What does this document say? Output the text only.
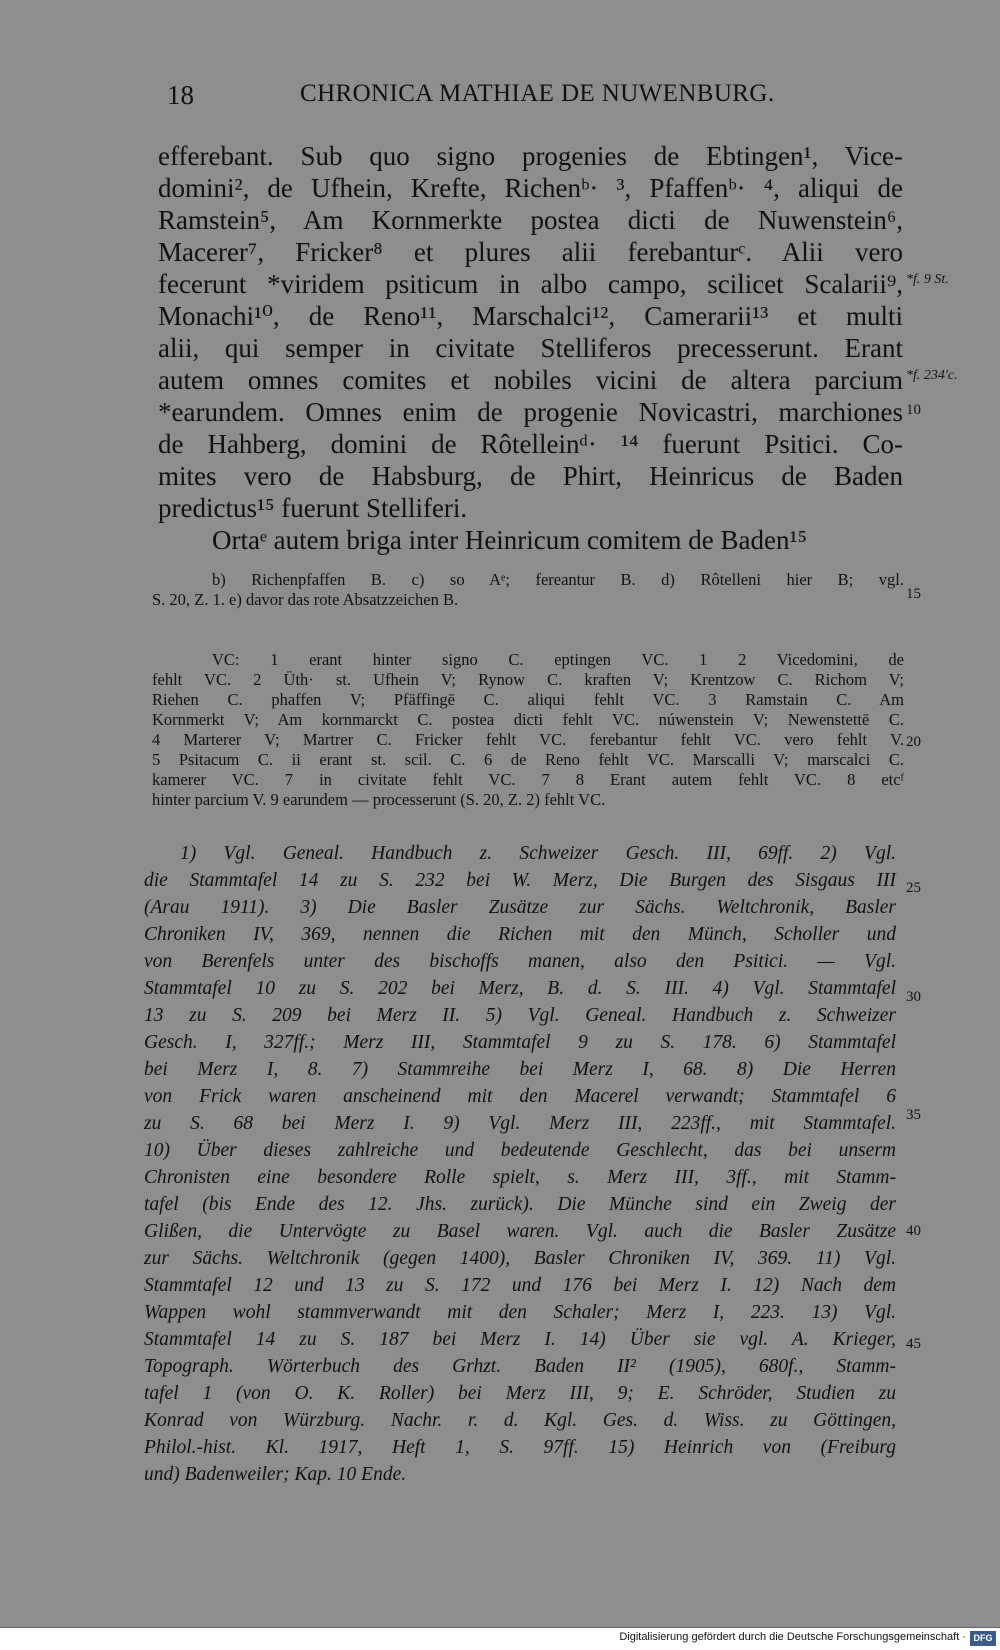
18	CHRONICA MATHIAE DE NUWENBURG.
efferebant. Sub quo signo progenies de Ebtingen¹, Vice-
domini², de Ufhein, Krefte, Richenᵇ· ³, Pfaffenᵇ· ⁴, aliqui de
Ramstein⁵, Am Kornmerkte postea dicti de Nuwenstein⁶,
Macerer⁷, Fricker⁸ et plures alii ferebanturᶜ. Alii vero
fecerunt *viridem psiticum in albo campo, scilicet Scalarii⁹,
Monachi¹⁰, de Reno¹¹, Marschalci¹², Camerarii¹³ et multi
alii, qui semper in civitate Stelliferos precesserunt. Erant
autem omnes comites et nobiles vicini de altera parcium
*earundem. Omnes enim de progenie Novicastri, marchiones
de Hahberg, domini de Rôtelleinᵈ· ¹⁴ fuerunt Psitici. Co-
mites vero de Habsburg, de Phirt, Heinricus de Baden
predictus¹⁵ fuerunt Stelliferi.
Ortaᵉ autem briga inter Heinricum comitem de Baden¹⁵
*f. 9 St.
*f. 234'c.
10
15
20
25
30
35
40
45
b) Richenpfaffen B. c) so Aᵉ; fereantur B. d) Rôtelleni hier B; vgl.
S. 20, Z. 1. e) davor das rote Absatzzeichen B.
VC: 1 erant hinter signo C. eptingen VC. 1 2 Vicedomini, de
fehlt VC. 2 Üth· st. Ufhein V; Rynow C. kraften V; Krentzow C. Richom V;
Riehen C. phaffen V; Pfäffingē C. aliqui fehlt VC. 3 Ramstain C. Am
Kornmerkt V; Am kornmarckt C. postea dicti fehlt VC. núwenstein V; Newenstettē C.
4 Marterer V; Martrer C. Fricker fehlt VC. ferebantur fehlt VC. vero fehlt V.
5 Psitacum C. ii erant st. scil. C. 6 de Reno fehlt VC. Marscalli V; marscalci C.
kamerer VC. 7 in civitate fehlt VC. 7 8 Erant autem fehlt VC. 8 etcᶠ
hinter parcium V. 9 earundem — processerunt (S. 20, Z. 2) fehlt VC.
1) Vgl. Geneal. Handbuch z. Schweizer Gesch. III, 69ff. 2) Vgl.
die Stammtafel 14 zu S. 232 bei W. Merz, Die Burgen des Sisgaus III
(Arau 1911). 3) Die Basler Zusätze zur Sächs. Weltchronik, Basler
Chroniken IV, 369, nennen die Richen mit den Münch, Scholler und
von Berenfels unter des bischoffs manen, also den Psitici. — Vgl.
Stammtafel 10 zu S. 202 bei Merz, B. d. S. III. 4) Vgl. Stammtafel
13 zu S. 209 bei Merz II. 5) Vgl. Geneal. Handbuch z. Schweizer
Gesch. I, 327ff.; Merz III, Stammtafel 9 zu S. 178. 6) Stammtafel
bei Merz I, 8. 7) Stammreihe bei Merz I, 68. 8) Die Herren
von Frick waren anscheinend mit den Macerel verwandt; Stammtafel 6
zu S. 68 bei Merz I. 9) Vgl. Merz III, 223ff., mit Stammtafel.
10) Über dieses zahlreiche und bedeutende Geschlecht, das bei unserm
Chronisten eine besondere Rolle spielt, s. Merz III, 3ff., mit Stamm-
tafel (bis Ende des 12. Jhs. zurück). Die Münche sind ein Zweig der
Glißen, die Untervögte zu Basel waren. Vgl. auch die Basler Zusätze
zur Sächs. Weltchronik (gegen 1400), Basler Chroniken IV, 369. 11) Vgl.
Stammtafel 12 und 13 zu S. 172 und 176 bei Merz I. 12) Nach dem
Wappen wohl stammverwandt mit den Schaler; Merz I, 223. 13) Vgl.
Stammtafel 14 zu S. 187 bei Merz I. 14) Über sie vgl. A. Krieger,
Topograph. Wörterbuch des Grhzt. Baden II² (1905), 680f., Stamm-
tafel 1 (von O. K. Roller) bei Merz III, 9; E. Schröder, Studien zu
Konrad von Würzburg. Nachr. r. d. Kgl. Ges. d. Wiss. zu Göttingen,
Philol.-hist. Kl. 1917, Heft 1, S. 97ff. 15) Heinrich von (Freiburg
und) Badenweiler; Kap. 10 Ende.
Digitalisierung gefördert durch die Deutsche Forschungsgemeinschaft · DFG
